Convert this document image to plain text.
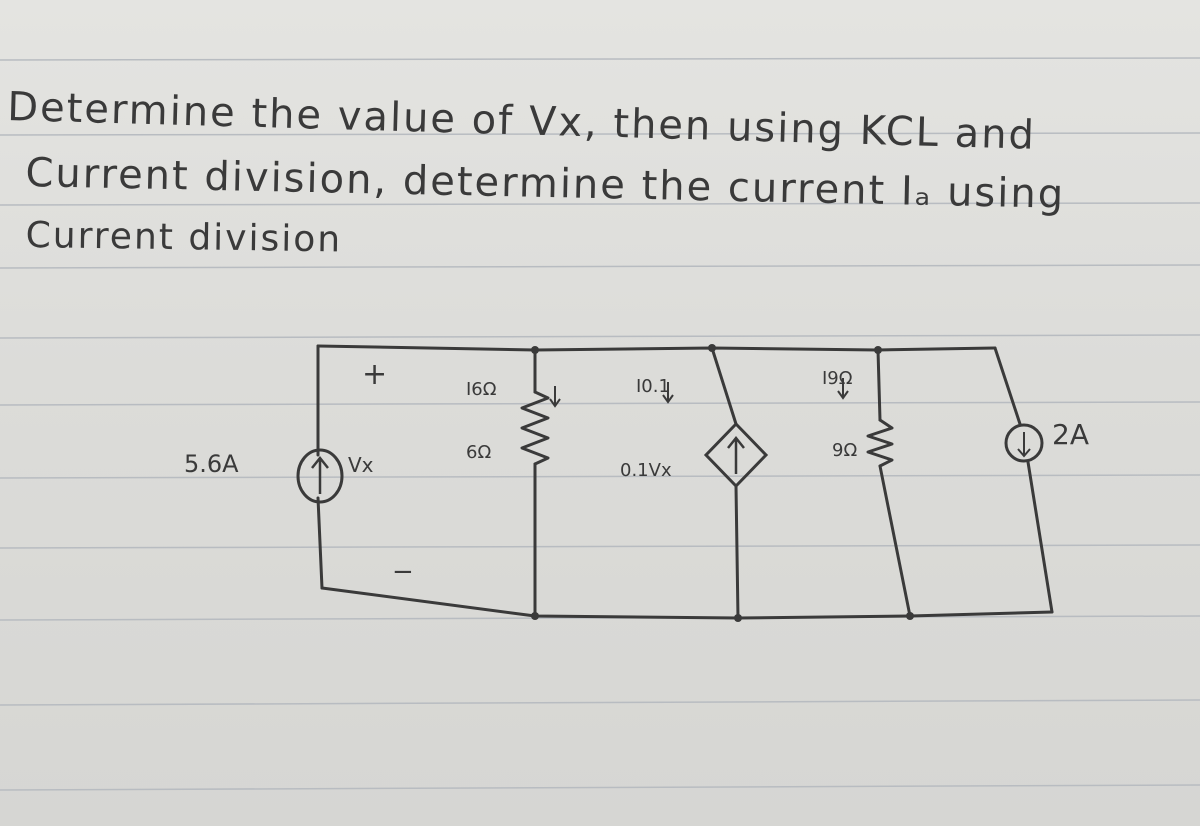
Determine the value of Vx, then using KCL and
Current division, determine the current Iₐ using
Current division
5.6A
+
Vx
−
I6Ω
6Ω
I0.1
0.1Vx
I9Ω
9Ω	2A
